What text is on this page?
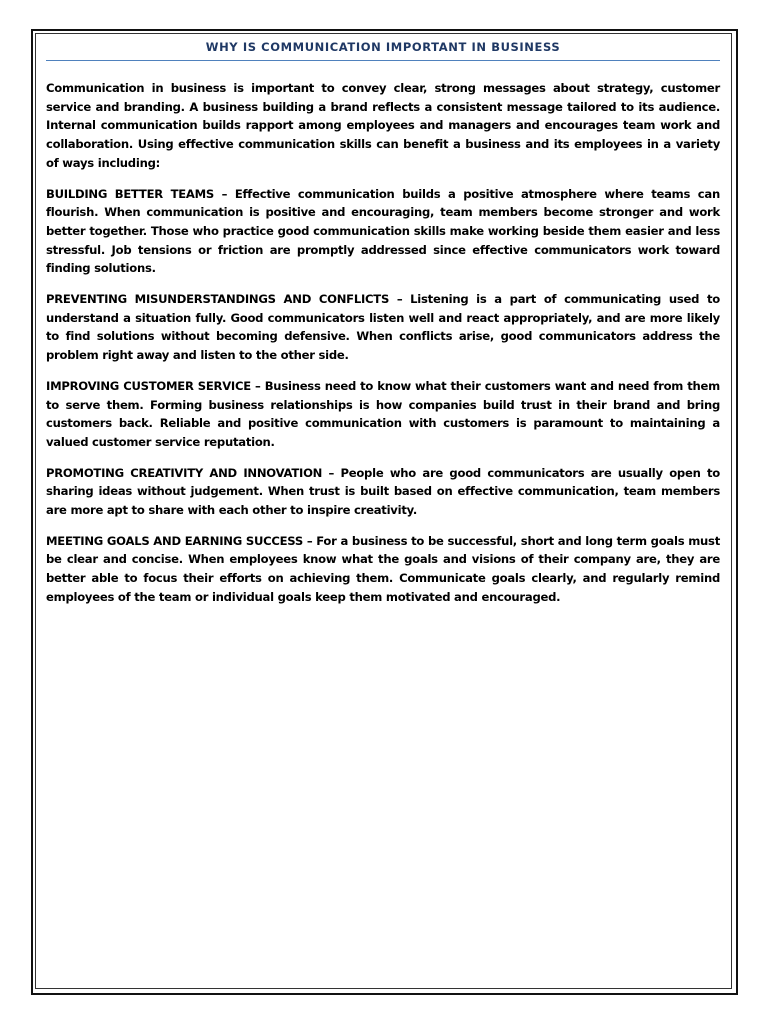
WHY IS COMMUNICATION IMPORTANT IN BUSINESS

Communication in business is important to convey clear, strong messages about strategy, customer service and branding. A business building a brand reflects a consistent message tailored to its audience. Internal communication builds rapport among employees and managers and encourages team work and collaboration. Using effective communication skills can benefit a business and its employees in a variety of ways including:

BUILDING BETTER TEAMS – Effective communication builds a positive atmosphere where teams can flourish. When communication is positive and encouraging, team members become stronger and work better together. Those who practice good communication skills make working beside them easier and less stressful. Job tensions or friction are promptly addressed since effective communicators work toward finding solutions.

PREVENTING MISUNDERSTANDINGS AND CONFLICTS – Listening is a part of communicating used to understand a situation fully. Good communicators listen well and react appropriately, and are more likely to find solutions without becoming defensive. When conflicts arise, good communicators address the problem right away and listen to the other side.

IMPROVING CUSTOMER SERVICE – Business need to know what their customers want and need from them to serve them. Forming business relationships is how companies build trust in their brand and bring customers back. Reliable and positive communication with customers is paramount to maintaining a valued customer service reputation.

PROMOTING CREATIVITY AND INNOVATION – People who are good communicators are usually open to sharing ideas without judgement. When trust is built based on effective communication, team members are more apt to share with each other to inspire creativity.

MEETING GOALS AND EARNING SUCCESS – For a business to be successful, short and long term goals must be clear and concise. When employees know what the goals and visions of their company are, they are better able to focus their efforts on achieving them. Communicate goals clearly, and regularly remind employees of the team or individual goals keep them motivated and encouraged.
